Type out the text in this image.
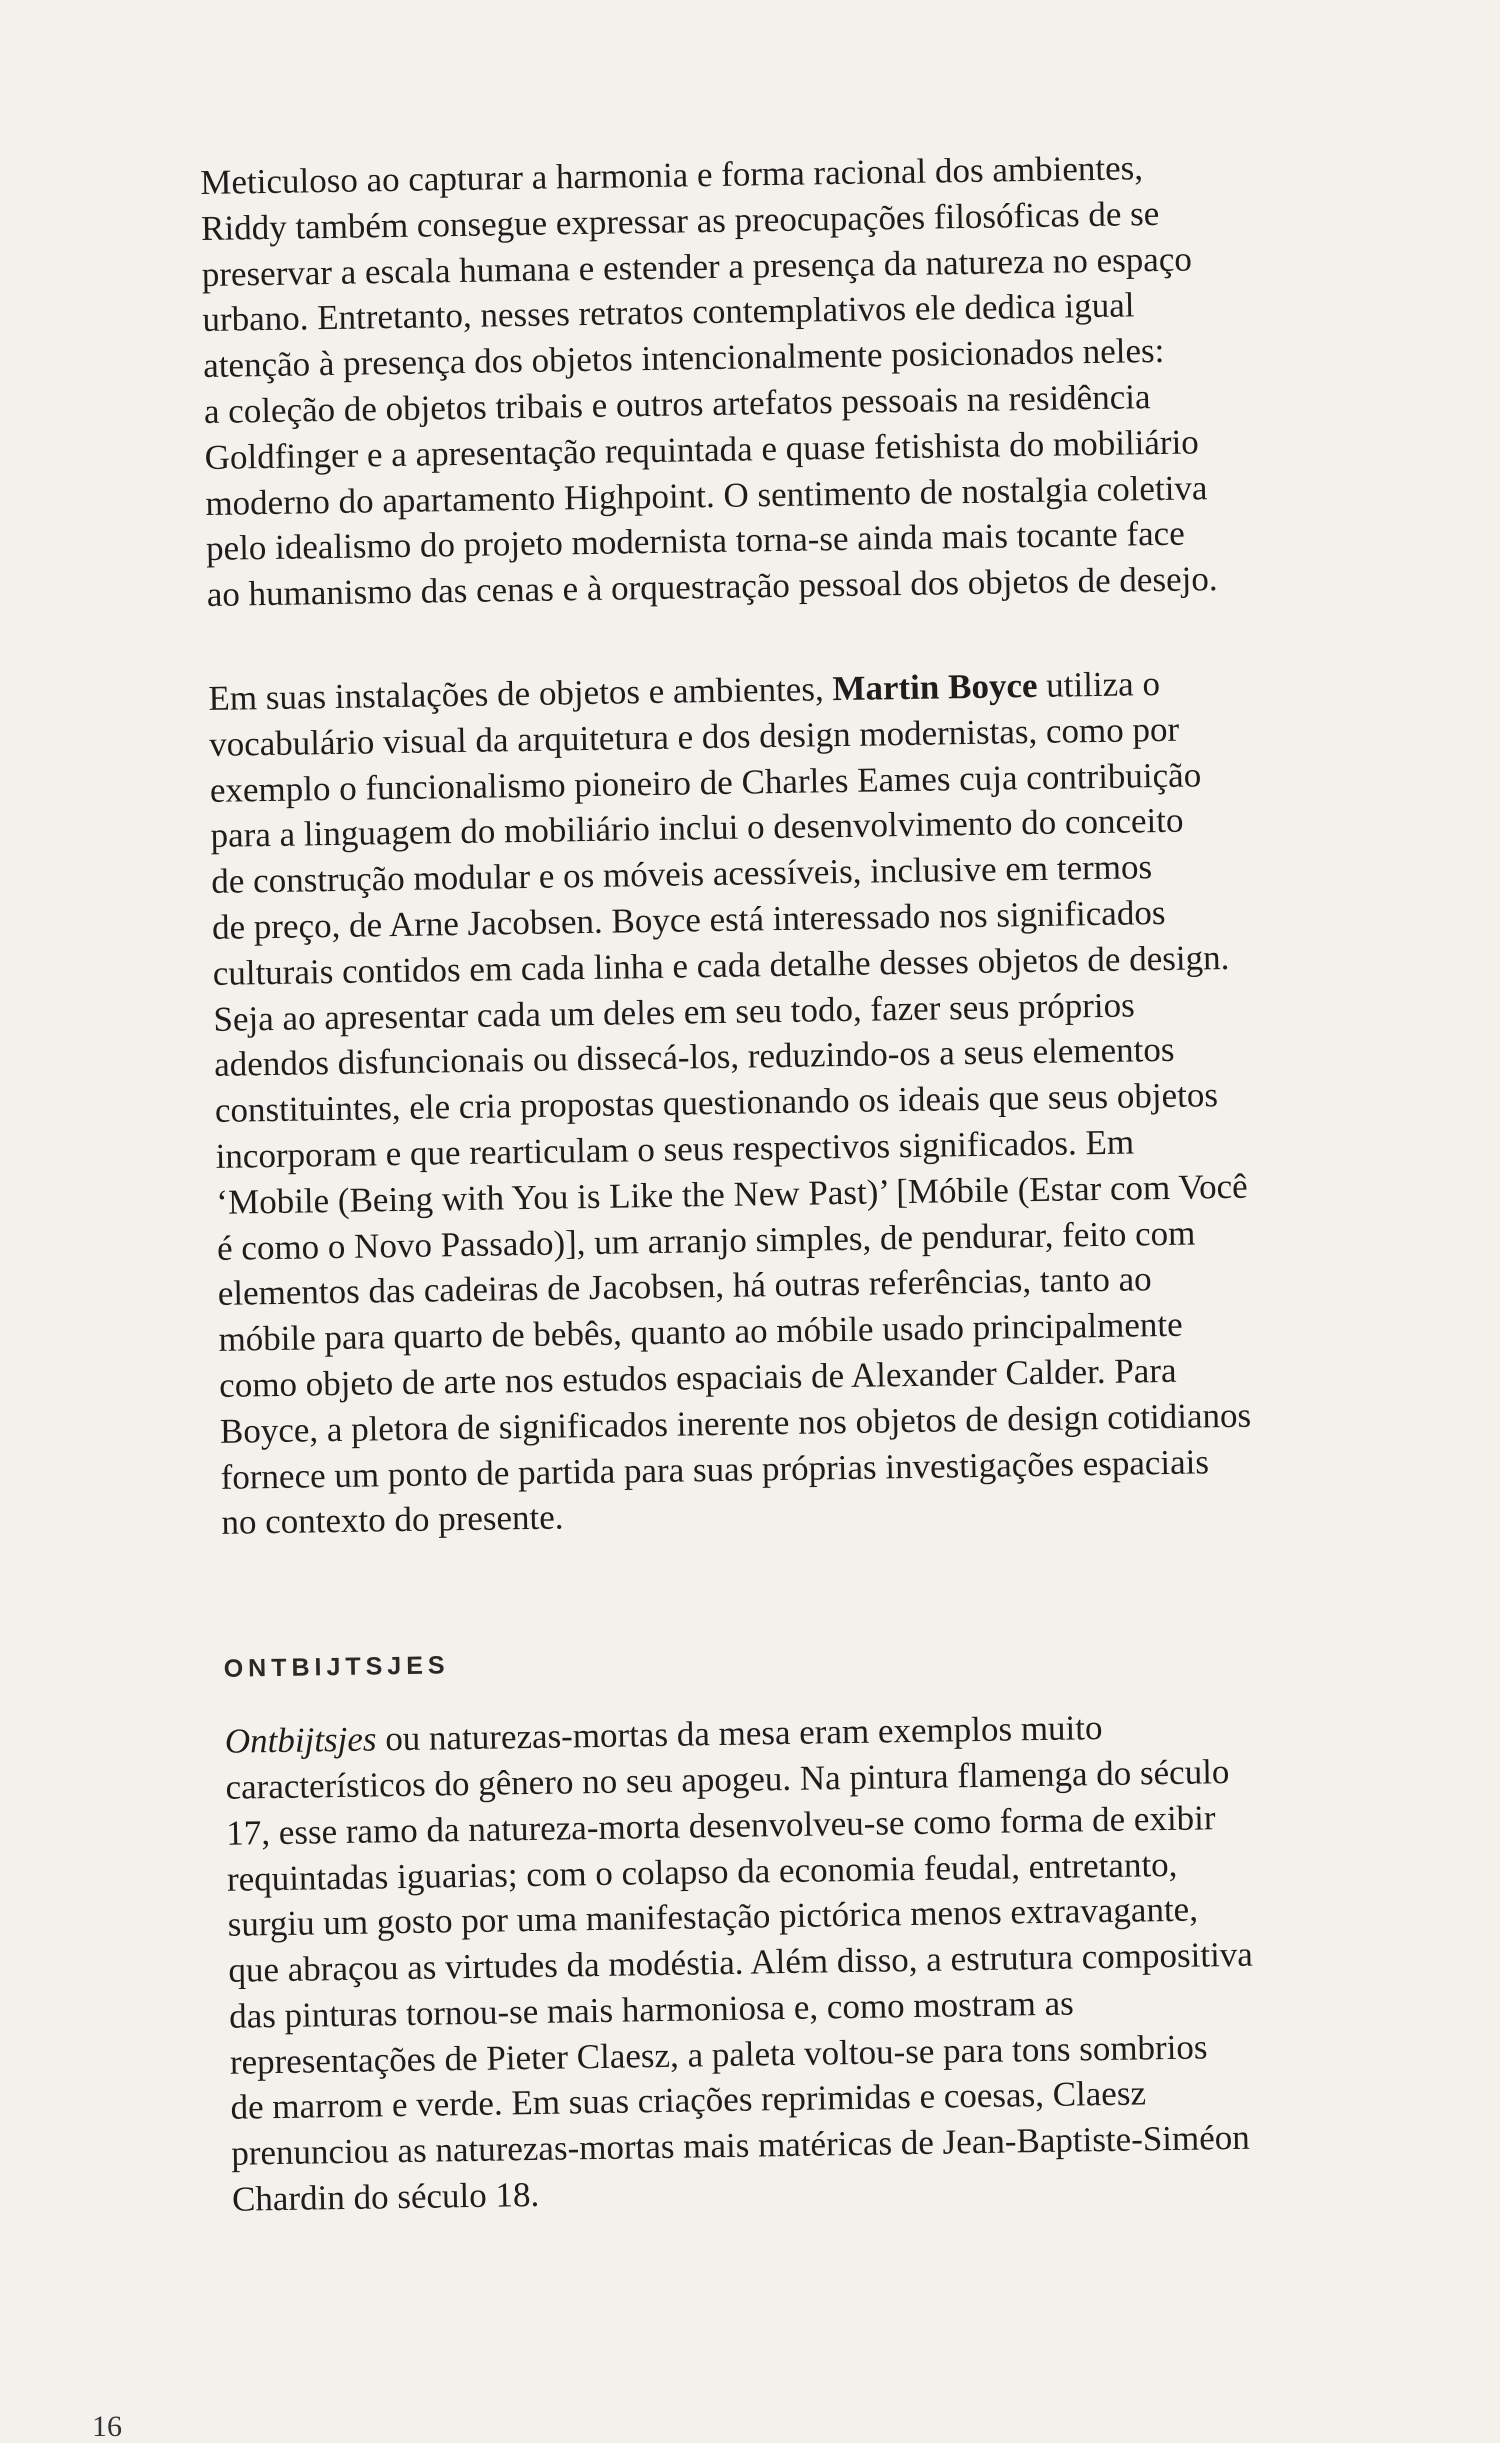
Meticuloso ao capturar a harmonia e forma racional dos ambientes,
Riddy também consegue expressar as preocupações filosóficas de se
preservar a escala humana e estender a presença da natureza no espaço
urbano. Entretanto, nesses retratos contemplativos ele dedica igual
atenção à presença dos objetos intencionalmente posicionados neles:
a coleção de objetos tribais e outros artefatos pessoais na residência
Goldfinger e a apresentação requintada e quase fetishista do mobiliário
moderno do apartamento Highpoint. O sentimento de nostalgia coletiva
pelo idealismo do projeto modernista torna-se ainda mais tocante face
ao humanismo das cenas e à orquestração pessoal dos objetos de desejo.

Em suas instalações de objetos e ambientes, Martin Boyce utiliza o
vocabulário visual da arquitetura e dos design modernistas, como por
exemplo o funcionalismo pioneiro de Charles Eames cuja contribuição
para a linguagem do mobiliário inclui o desenvolvimento do conceito
de construção modular e os móveis acessíveis, inclusive em termos
de preço, de Arne Jacobsen. Boyce está interessado nos significados
culturais contidos em cada linha e cada detalhe desses objetos de design.
Seja ao apresentar cada um deles em seu todo, fazer seus próprios
adendos disfuncionais ou dissecá-los, reduzindo-os a seus elementos
constituintes, ele cria propostas questionando os ideais que seus objetos
incorporam e que rearticulam o seus respectivos significados. Em
‘Mobile (Being with You is Like the New Past)’ [Móbile (Estar com Você
é como o Novo Passado)], um arranjo simples, de pendurar, feito com
elementos das cadeiras de Jacobsen, há outras referências, tanto ao
móbile para quarto de bebês, quanto ao móbile usado principalmente
como objeto de arte nos estudos espaciais de Alexander Calder. Para
Boyce, a pletora de significados inerente nos objetos de design cotidianos
fornece um ponto de partida para suas próprias investigações espaciais
no contexto do presente.

ONTBIJTSJES

Ontbijtsjes ou naturezas-mortas da mesa eram exemplos muito
característicos do gênero no seu apogeu. Na pintura flamenga do século
17, esse ramo da natureza-morta desenvolveu-se como forma de exibir
requintadas iguarias; com o colapso da economia feudal, entretanto,
surgiu um gosto por uma manifestação pictórica menos extravagante,
que abraçou as virtudes da modéstia. Além disso, a estrutura compositiva
das pinturas tornou-se mais harmoniosa e, como mostram as
representações de Pieter Claesz, a paleta voltou-se para tons sombrios
de marrom e verde. Em suas criações reprimidas e coesas, Claesz
prenunciou as naturezas-mortas mais matéricas de Jean-Baptiste-Siméon
Chardin do século 18.

16
